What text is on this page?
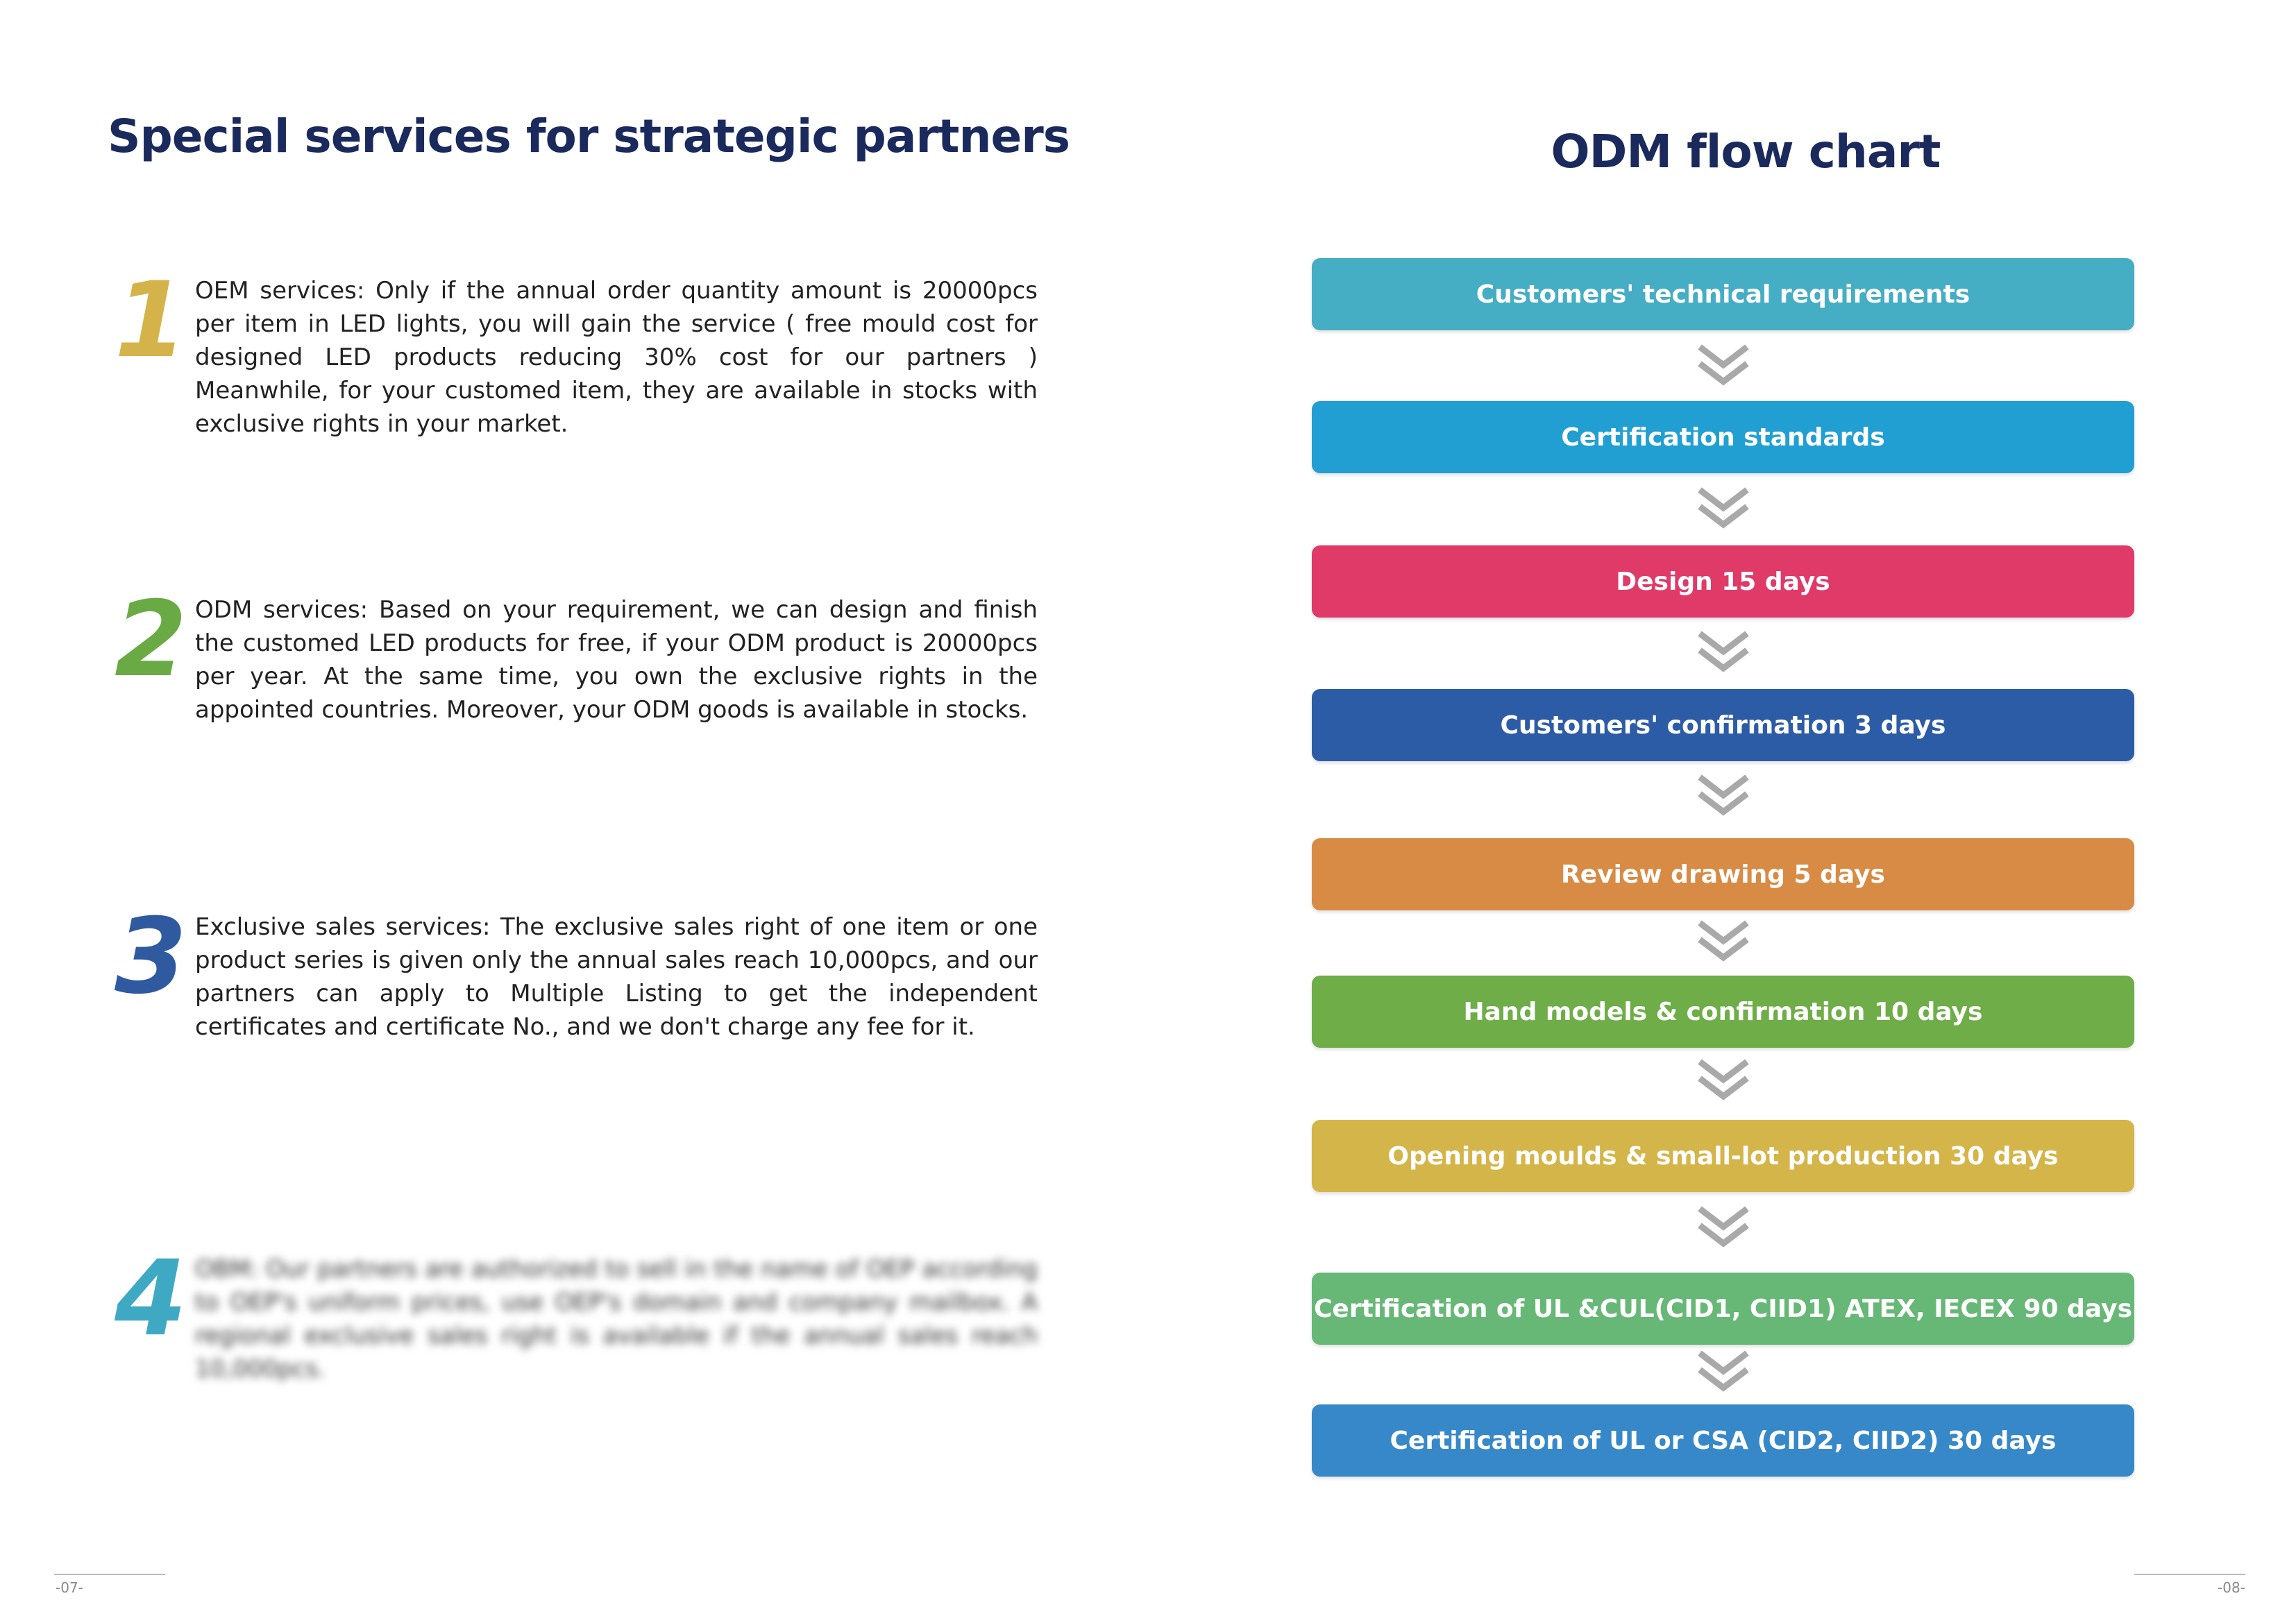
Special services for strategic partners
1 OEM services: Only if the annual order quantity amount is 20000pcs per item in LED lights, you will gain the service ( free mould cost for designed LED products reducing 30% cost for our partners ) Meanwhile, for your customed item, they are available in stocks with exclusive rights in your market.
2 ODM services: Based on your requirement, we can design and finish the customed LED products for free, if your ODM product is 20000pcs per year. At the same time, you own the exclusive rights in the appointed countries. Moreover, your ODM goods is available in stocks.
3 Exclusive sales services: The exclusive sales right of one item or one product series is given only the annual sales reach 10,000pcs, and our partners can apply to Multiple Listing to get the independent certificates and certificate No., and we don't charge any fee for it.
4 OBM: Our partners are authorized to sell in the name of OEP according to OEP's uniform prices, use OEP's domain and company mailbox. A regional exclusive sales right is available if the annual sales reach 10,000pcs.
ODM flow chart
Customers' technical requirements
Certification standards
Design 15 days
Customers' confirmation 3 days
Review drawing 5 days
Hand models & confirmation 10 days
Opening moulds & small-lot production 30 days
Certification of UL &CUL(CID1, CIID1) ATEX, IECEX 90 days
Certification of UL or CSA (CID2, CIID2) 30 days
-07-	-08-
